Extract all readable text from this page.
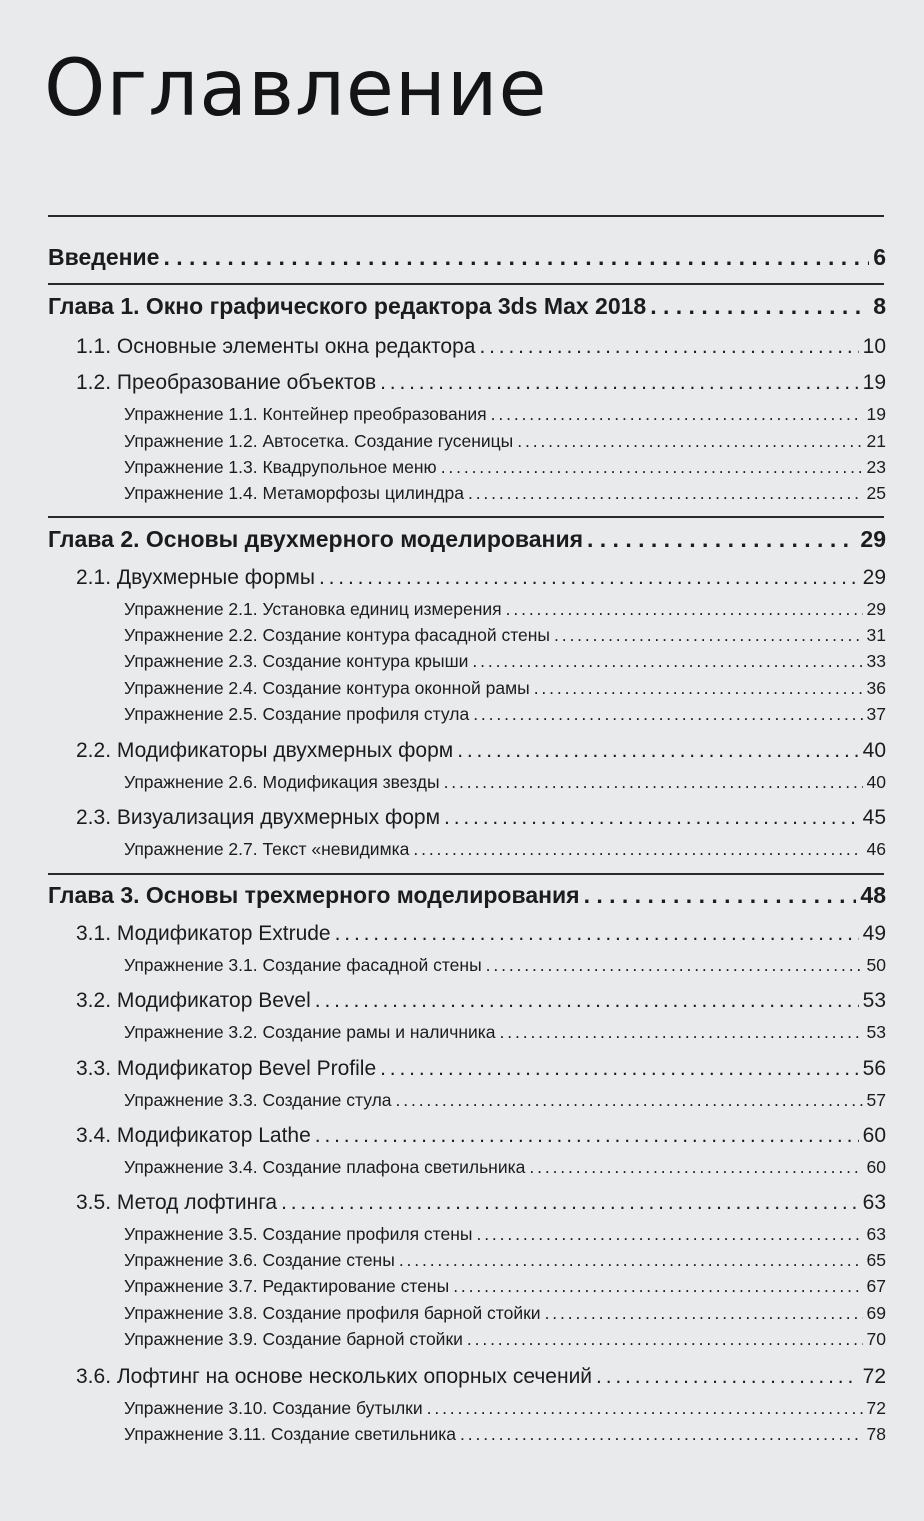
Оглавление
Введение . . .	6
Глава 1. Окно графического редактора 3ds Max 2018 . . .	8
1.1. Основные элементы окна редактора . . .	10
1.2. Преобразование объектов . . .	19
Упражнение 1.1. Контейнер преобразования . . .	19
Упражнение 1.2. Автосетка. Создание гусеницы . . .	21
Упражнение 1.3. Квадрупольное меню . . .	23
Упражнение 1.4. Метаморфозы цилиндра . . .	25
Глава 2. Основы двухмерного моделирования . . .	29
2.1. Двухмерные формы . . .	29
Упражнение 2.1. Установка единиц измерения . . .	29
Упражнение 2.2. Создание контура фасадной стены . . .	31
Упражнение 2.3. Создание контура крыши . . .	33
Упражнение 2.4. Создание контура оконной рамы . . .	36
Упражнение 2.5. Создание профиля стула . . .	37
2.2. Модификаторы двухмерных форм . . .	40
Упражнение 2.6. Модификация звезды . . .	40
2.3. Визуализация двухмерных форм . . .	45
Упражнение 2.7. Текст «невидимка . . .	46
Глава 3. Основы трехмерного моделирования . . .	48
3.1. Модификатор Extrude . . .	49
Упражнение 3.1. Создание фасадной стены . . .	50
3.2. Модификатор Bevel . . .	53
Упражнение 3.2. Создание рамы и наличника . . .	53
3.3. Модификатор Bevel Profile . . .	56
Упражнение 3.3. Создание стула . . .	57
3.4. Модификатор Lathe . . .	60
Упражнение 3.4. Создание плафона светильника . . .	60
3.5. Метод лофтинга . . .	63
Упражнение 3.5. Создание профиля стены . . .	63
Упражнение 3.6. Создание стены . . .	65
Упражнение 3.7. Редактирование стены . . .	67
Упражнение 3.8. Создание профиля барной стойки . . .	69
Упражнение 3.9. Создание барной стойки . . .	70
3.6. Лофтинг на основе нескольких опорных сечений . . .	72
Упражнение 3.10. Создание бутылки . . .	72
Упражнение 3.11. Создание светильника . . .	78
